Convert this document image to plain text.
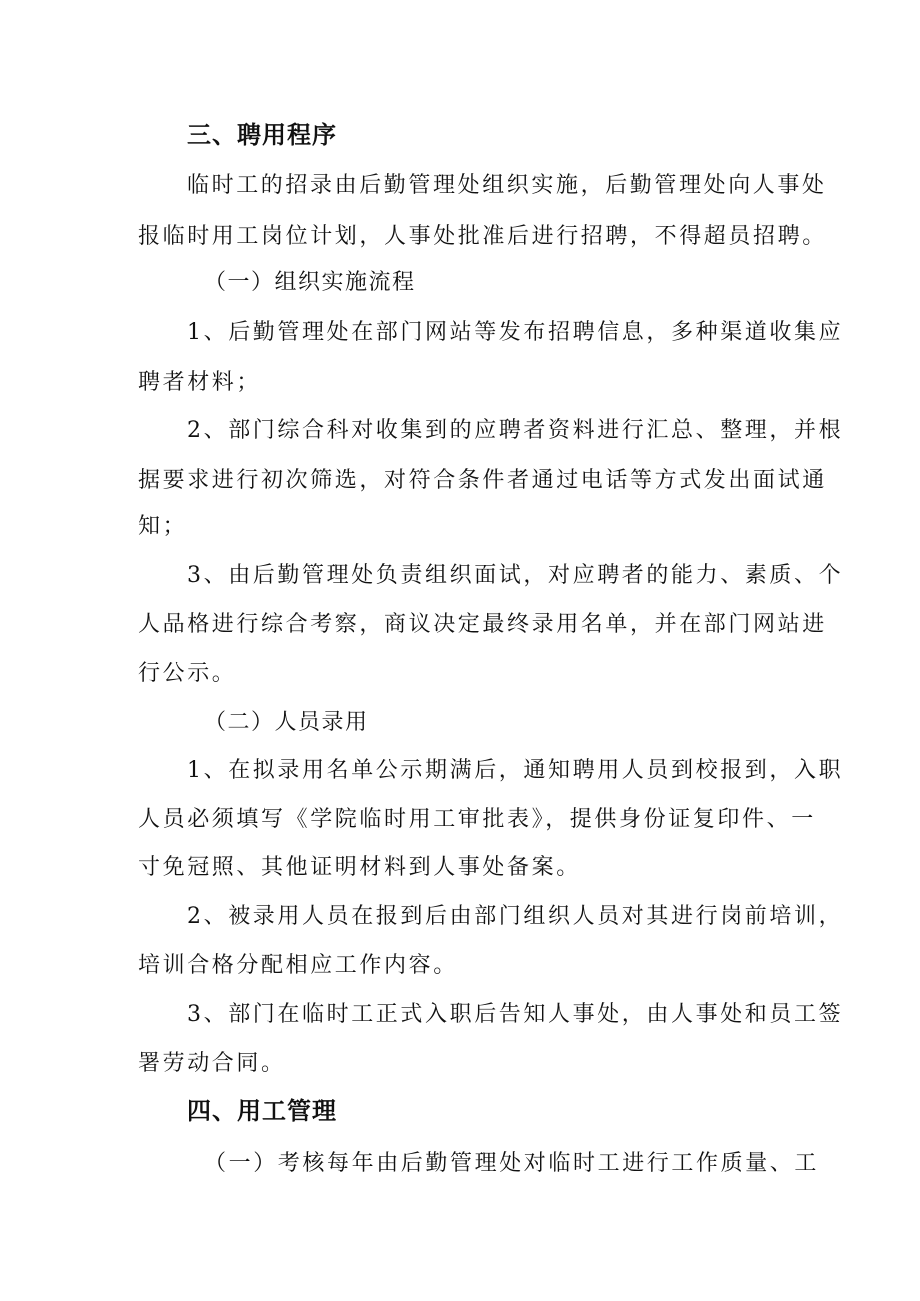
三、聘用程序
临时工的招录由后勤管理处组织实施，后勤管理处向人事处
报临时用工岗位计划，人事处批准后进行招聘，不得超员招聘。
（一）组织实施流程
1、后勤管理处在部门网站等发布招聘信息，多种渠道收集应
聘者材料；
2、部门综合科对收集到的应聘者资料进行汇总、整理，并根
据要求进行初次筛选，对符合条件者通过电话等方式发出面试通
知；
3、由后勤管理处负责组织面试，对应聘者的能力、素质、个
人品格进行综合考察，商议决定最终录用名单，并在部门网站进
行公示。
（二）人员录用
1、在拟录用名单公示期满后，通知聘用人员到校报到，入职
人员必须填写《学院临时用工审批表》，提供身份证复印件、一
寸免冠照、其他证明材料到人事处备案。
2、被录用人员在报到后由部门组织人员对其进行岗前培训，
培训合格分配相应工作内容。
3、部门在临时工正式入职后告知人事处，由人事处和员工签
署劳动合同。
四、用工管理
（一）考核每年由后勤管理处对临时工进行工作质量、工
